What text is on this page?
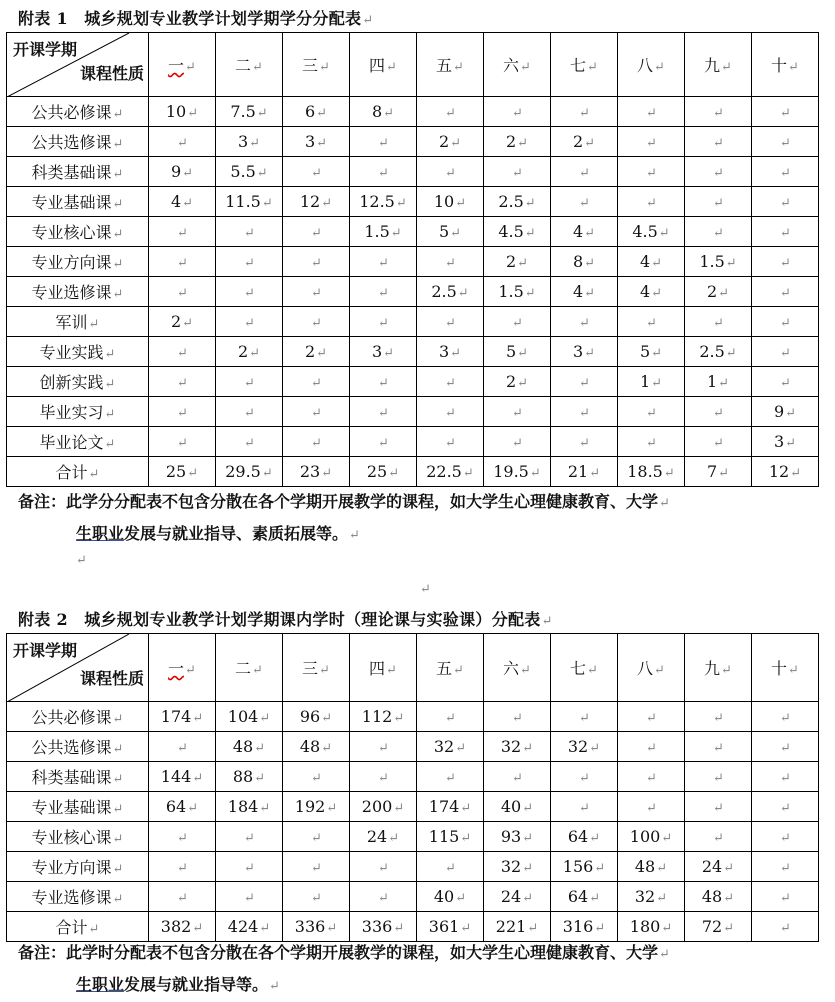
附表 1　城乡规划专业教学计划学期学分分配表↵
开课学期
课程性质	一↵	二↵	三↵	四↵	五↵	六↵	七↵	八↵	九↵	十↵
公共必修课↵	10↵	7.5↵	6↵	8↵	↵	↵	↵	↵	↵	↵
公共选修课↵	↵	3↵	3↵	↵	2↵	2↵	2↵	↵	↵	↵
科类基础课↵	9↵	5.5↵	↵	↵	↵	↵	↵	↵	↵	↵
专业基础课↵	4↵	11.5↵	12↵	12.5↵	10↵	2.5↵	↵	↵	↵	↵
专业核心课↵	↵	↵	↵	1.5↵	5↵	4.5↵	4↵	4.5↵	↵	↵
专业方向课↵	↵	↵	↵	↵	↵	2↵	8↵	4↵	1.5↵	↵
专业选修课↵	↵	↵	↵	↵	2.5↵	1.5↵	4↵	4↵	2↵	↵
军训↵	2↵	↵	↵	↵	↵	↵	↵	↵	↵	↵
专业实践↵	↵	2↵	2↵	3↵	3↵	5↵	3↵	5↵	2.5↵	↵
创新实践↵	↵	↵	↵	↵	↵	2↵	↵	1↵	1↵	↵
毕业实习↵	↵	↵	↵	↵	↵	↵	↵	↵	↵	9↵
毕业论文↵	↵	↵	↵	↵	↵	↵	↵	↵	↵	3↵
合计↵	25↵	29.5↵	23↵	25↵	22.5↵	19.5↵	21↵	18.5↵	7↵	12↵
备注：此学分分配表不包含分散在各个学期开展教学的课程，如大学生心理健康教育、大学↵
生职业发展与就业指导、素质拓展等。↵
↵
↵
附表 2　城乡规划专业教学计划学期课内学时（理论课与实验课）分配表↵
开课学期
课程性质	一↵	二↵	三↵	四↵	五↵	六↵	七↵	八↵	九↵	十↵
公共必修课↵	174↵	104↵	96↵	112↵	↵	↵	↵	↵	↵	↵
公共选修课↵	↵	48↵	48↵	↵	32↵	32↵	32↵	↵	↵	↵
科类基础课↵	144↵	88↵	↵	↵	↵	↵	↵	↵	↵	↵
专业基础课↵	64↵	184↵	192↵	200↵	174↵	40↵	↵	↵	↵	↵
专业核心课↵	↵	↵	↵	24↵	115↵	93↵	64↵	100↵	↵	↵
专业方向课↵	↵	↵	↵	↵	↵	32↵	156↵	48↵	24↵	↵
专业选修课↵	↵	↵	↵	↵	40↵	24↵	64↵	32↵	48↵	↵
合计↵	382↵	424↵	336↵	336↵	361↵	221↵	316↵	180↵	72↵	↵
备注：此学时分配表不包含分散在各个学期开展教学的课程，如大学生心理健康教育、大学↵
生职业发展与就业指导等。↵
